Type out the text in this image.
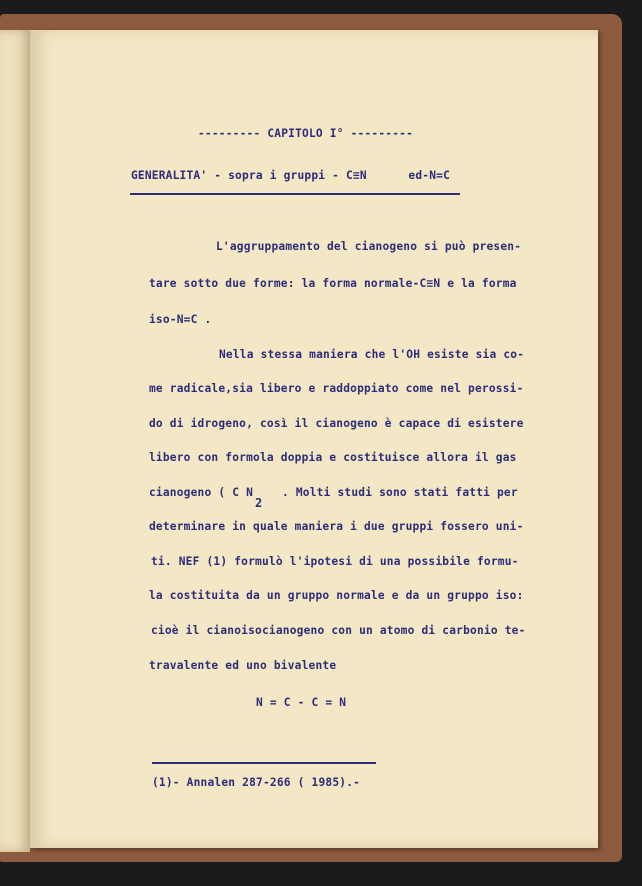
--------- CAPITOLO I° ---------
GENERALITA' - sopra i gruppi - C≡N      ed-N=C
L'aggruppamento del cianogeno si può presen-
tare sotto due forme: la forma normale-C≡N e la forma
iso-N=C .
Nella stessa maniera che l'OH esiste sia co-
me radicale,sia libero e raddoppiato come nel perossi-
do di idrogeno, così il cianogeno è capace di esistere
libero con formola doppia e costituisce allora il gas
cianogeno ( C N
2
. Molti studi sono stati fatti per
determinare in quale maniera i due gruppi fossero uni-
ti. NEF (1) formulò l'ipotesi di una possibile formu-
la costituita da un gruppo normale e da un gruppo iso:
cioè il cianoisocianogeno con un atomo di carbonio te-
travalente ed uno bivalente
N = C - C = N
(1)- Annalen 287-266 ( 1985).-
